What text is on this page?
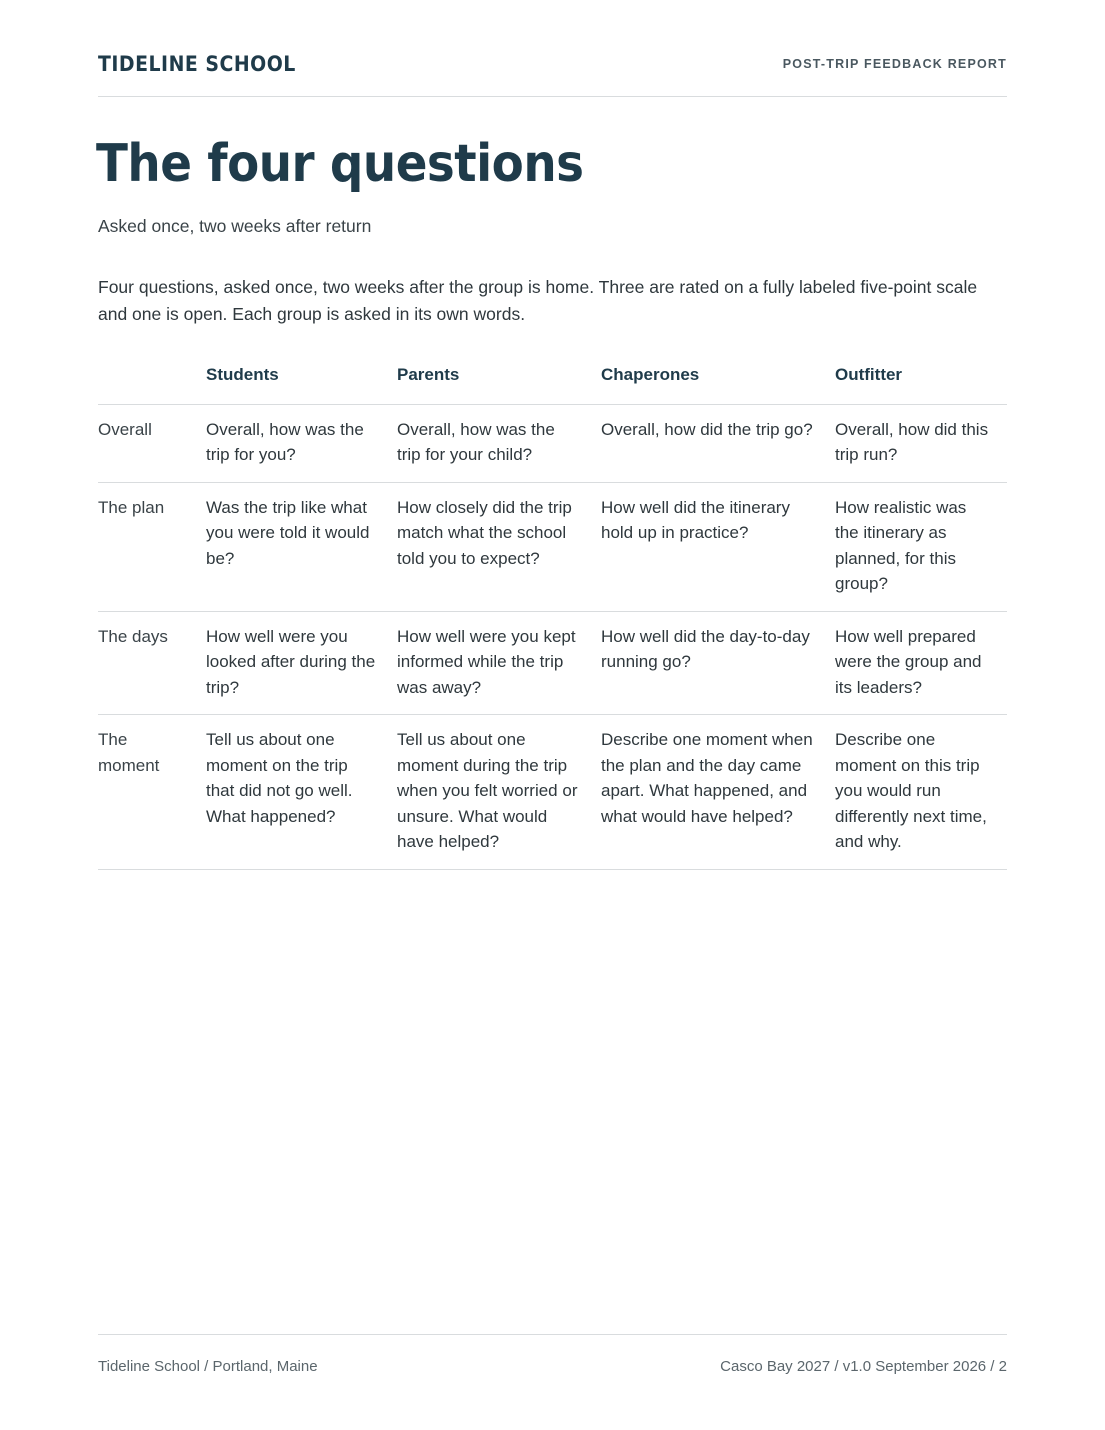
TIDELINE SCHOOL	POST-TRIP FEEDBACK REPORT
The four questions
Asked once, two weeks after return
Four questions, asked once, two weeks after the group is home. Three are rated on a fully labeled five-point scale and one is open. Each group is asked in its own words.
	Students	Parents	Chaperones	Outfitter
Overall	Overall, how was the trip for you?	Overall, how was the trip for your child?	Overall, how did the trip go?	Overall, how did this trip run?
The plan	Was the trip like what you were told it would be?	How closely did the trip match what the school told you to expect?	How well did the itinerary hold up in practice?	How realistic was the itinerary as planned, for this group?
The days	How well were you looked after during the trip?	How well were you kept informed while the trip was away?	How well did the day-to-day running go?	How well prepared were the group and its leaders?
The moment	Tell us about one moment on the trip that did not go well. What happened?	Tell us about one moment during the trip when you felt worried or unsure. What would have helped?	Describe one moment when the plan and the day came apart. What happened, and what would have helped?	Describe one moment on this trip you would run differently next time, and why.
Tideline School / Portland, Maine	Casco Bay 2027 / v1.0 September 2026 / 2
